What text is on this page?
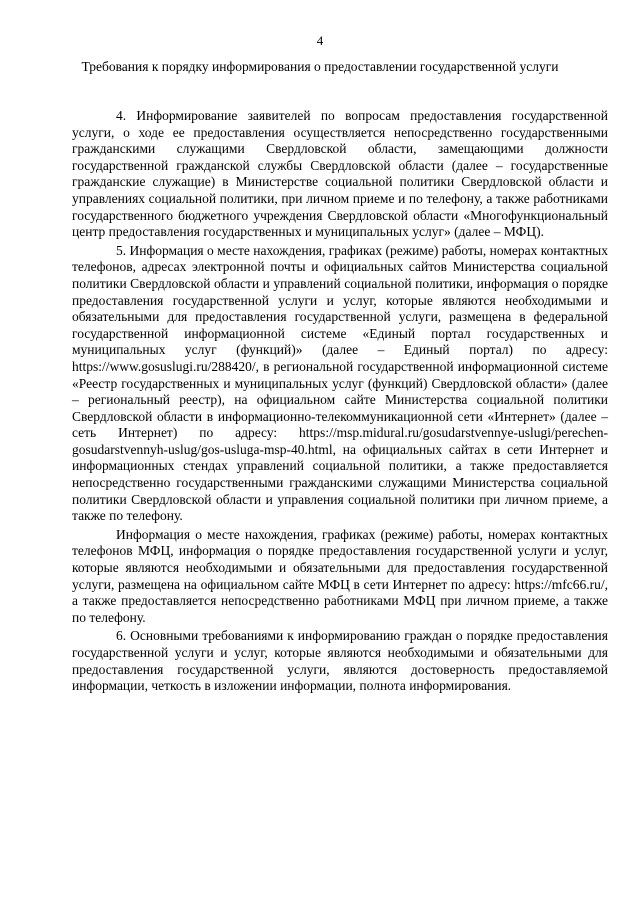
4
Требования к порядку информирования о предоставлении государственной услуги

4. Информирование заявителей по вопросам предоставления государственной услуги, о ходе ее предоставления осуществляется непосредственно государственными гражданскими служащими Свердловской области, замещающими должности государственной гражданской службы Свердловской области (далее – государственные гражданские служащие) в Министерстве социальной политики Свердловской области и управлениях социальной политики, при личном приеме и по телефону, а также работниками государственного бюджетного учреждения Свердловской области «Многофункциональный центр предоставления государственных и муниципальных услуг» (далее – МФЦ).

5. Информация о месте нахождения, графиках (режиме) работы, номерах контактных телефонов, адресах электронной почты и официальных сайтов Министерства социальной политики Свердловской области и управлений социальной политики, информация о порядке предоставления государственной услуги и услуг, которые являются необходимыми и обязательными для предоставления государственной услуги, размещена в федеральной государственной информационной системе «Единый портал государственных и муниципальных услуг (функций)» (далее – Единый портал) по адресу: https://www.gosuslugi.ru/288420/, в региональной государственной информационной системе «Реестр государственных и муниципальных услуг (функций) Свердловской области» (далее – региональный реестр), на официальном сайте Министерства социальной политики Свердловской области в информационно-телекоммуникационной сети «Интернет» (далее – сеть Интернет) по адресу: https://msp.midural.ru/gosudarstvennye-uslugi/perechen-gosudarstvennyh-uslug/gos-usluga-msp-40.html, на официальных сайтах в сети Интернет и информационных стендах управлений социальной политики, а также предоставляется непосредственно государственными гражданскими служащими Министерства социальной политики Свердловской области и управления социальной политики при личном приеме, а также по телефону.

Информация о месте нахождения, графиках (режиме) работы, номерах контактных телефонов МФЦ, информация о порядке предоставления государственной услуги и услуг, которые являются необходимыми и обязательными для предоставления государственной услуги, размещена на официальном сайте МФЦ в сети Интернет по адресу: https://mfc66.ru/, а также предоставляется непосредственно работниками МФЦ при личном приеме, а также по телефону.

6. Основными требованиями к информированию граждан о порядке предоставления государственной услуги и услуг, которые являются необходимыми и обязательными для предоставления государственной услуги, являются достоверность предоставляемой информации, четкость в изложении информации, полнота информирования.
